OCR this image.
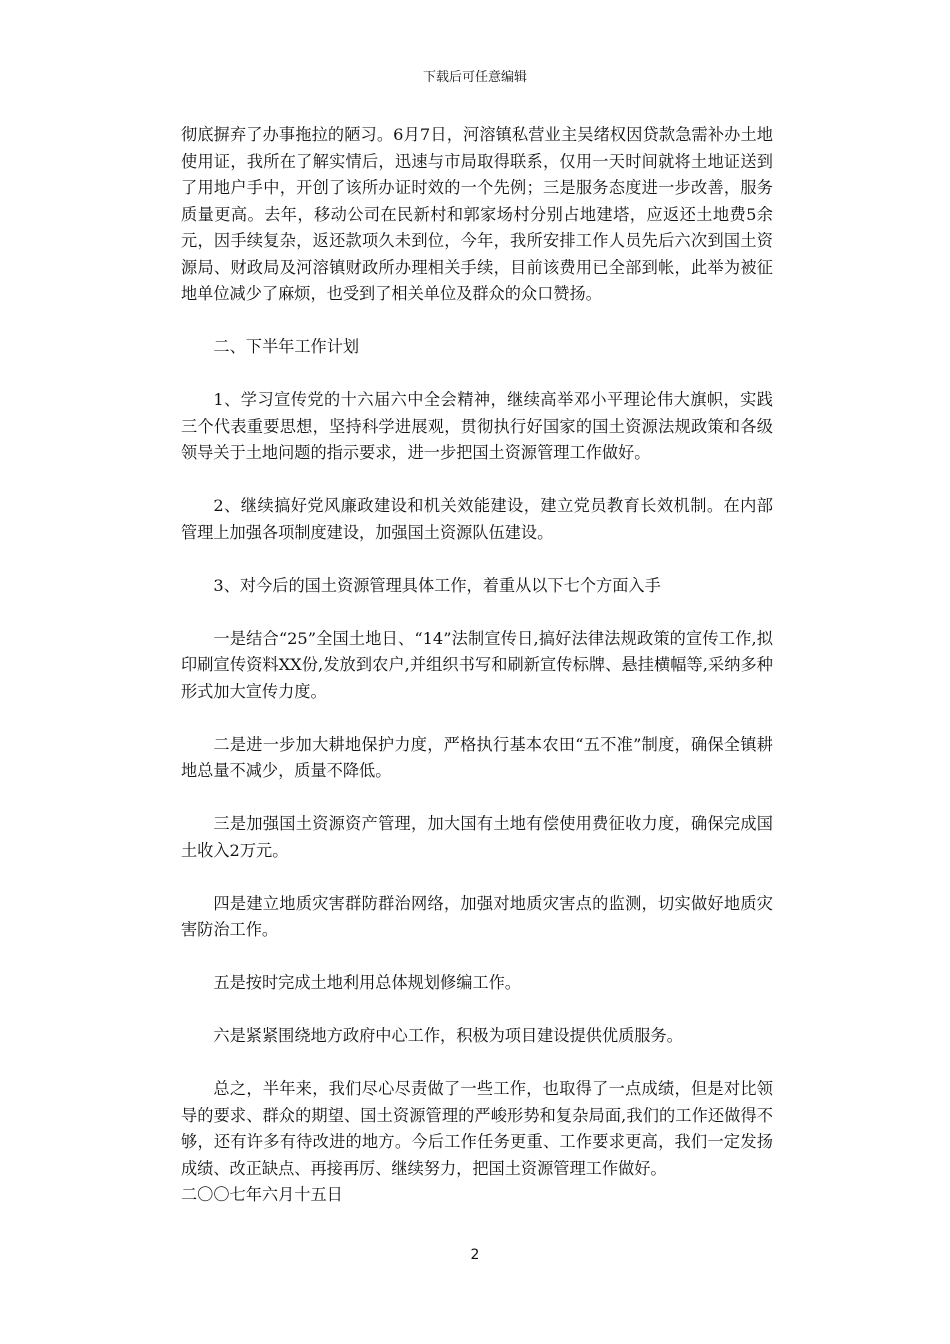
下载后可任意编辑

彻底摒弃了办事拖拉的陋习。6月7日，河溶镇私营业主吴绪权因贷款急需补办土地使用证，我所在了解实情后，迅速与市局取得联系，仅用一天时间就将土地证送到了用地户手中，开创了该所办证时效的一个先例；三是服务态度进一步改善，服务质量更高。去年，移动公司在民新村和郭家场村分别占地建塔，应返还土地费5余元，因手续复杂，返还款项久未到位，今年，我所安排工作人员先后六次到国土资源局、财政局及河溶镇财政所办理相关手续，目前该费用已全部到帐，此举为被征地单位减少了麻烦，也受到了相关单位及群众的众口赞扬。

二、下半年工作计划

1、学习宣传党的十六届六中全会精神，继续高举邓小平理论伟大旗帜，实践三个代表重要思想，坚持科学进展观，贯彻执行好国家的国土资源法规政策和各级领导关于土地问题的指示要求，进一步把国土资源管理工作做好。

2、继续搞好党风廉政建设和机关效能建设，建立党员教育长效机制。在内部管理上加强各项制度建设，加强国土资源队伍建设。

3、对今后的国土资源管理具体工作，着重从以下七个方面入手

一是结合“25”全国土地日、“14”法制宣传日,搞好法律法规政策的宣传工作,拟印刷宣传资料XX份,发放到农户,并组织书写和刷新宣传标牌、悬挂横幅等,采纳多种形式加大宣传力度。

二是进一步加大耕地保护力度，严格执行基本农田“五不准”制度，确保全镇耕地总量不减少，质量不降低。

三是加强国土资源资产管理，加大国有土地有偿使用费征收力度，确保完成国土收入2万元。

四是建立地质灾害群防群治网络，加强对地质灾害点的监测，切实做好地质灾害防治工作。

五是按时完成土地利用总体规划修编工作。

六是紧紧围绕地方政府中心工作，积极为项目建设提供优质服务。

总之，半年来，我们尽心尽责做了一些工作，也取得了一点成绩，但是对比领导的要求、群众的期望、国土资源管理的严峻形势和复杂局面,我们的工作还做得不够，还有许多有待改进的地方。今后工作任务更重、工作要求更高，我们一定发扬成绩、改正缺点、再接再厉、继续努力，把国土资源管理工作做好。

二〇〇七年六月十五日

2
